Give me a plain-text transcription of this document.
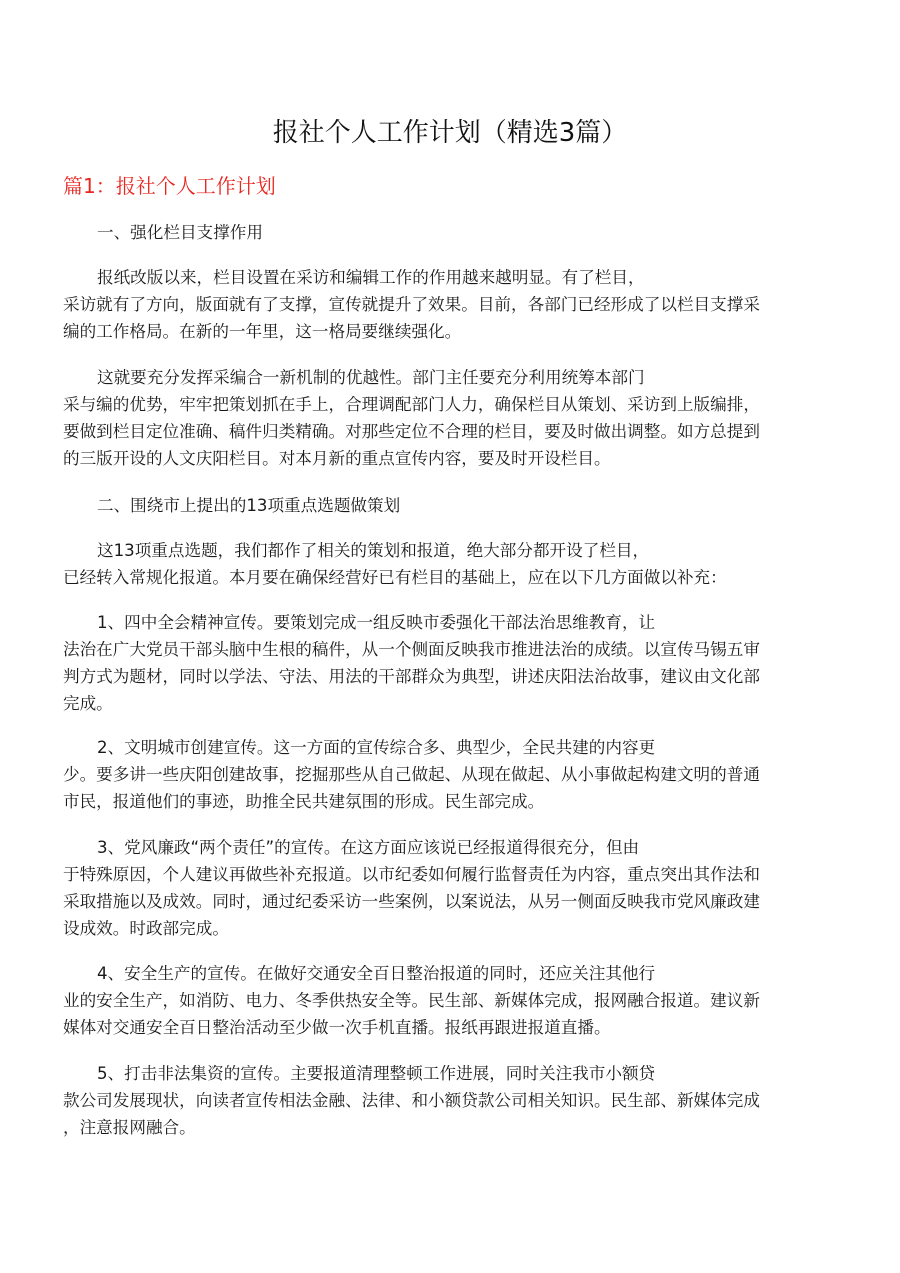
报社个人工作计划（精选3篇）
篇1：报社个人工作计划
一、强化栏目支撑作用
报纸改版以来，栏目设置在采访和编辑工作的作用越来越明显。有了栏目，
采访就有了方向，版面就有了支撑，宣传就提升了效果。目前，各部门已经形成了以栏目支撑采
编的工作格局。在新的一年里，这一格局要继续强化。
这就要充分发挥采编合一新机制的优越性。部门主任要充分利用统筹本部门
采与编的优势，牢牢把策划抓在手上，合理调配部门人力，确保栏目从策划、采访到上版编排，
要做到栏目定位准确、稿件归类精确。对那些定位不合理的栏目，要及时做出调整。如方总提到
的三版开设的人文庆阳栏目。对本月新的重点宣传内容，要及时开设栏目。
二、围绕市上提出的13项重点选题做策划
这13项重点选题，我们都作了相关的策划和报道，绝大部分都开设了栏目，
已经转入常规化报道。本月要在确保经营好已有栏目的基础上，应在以下几方面做以补充：
1、四中全会精神宣传。要策划完成一组反映市委强化干部法治思维教育，让
法治在广大党员干部头脑中生根的稿件，从一个侧面反映我市推进法治的成绩。以宣传马锡五审
判方式为题材，同时以学法、守法、用法的干部群众为典型，讲述庆阳法治故事，建议由文化部
完成。
2、文明城市创建宣传。这一方面的宣传综合多、典型少，全民共建的内容更
少。要多讲一些庆阳创建故事，挖掘那些从自己做起、从现在做起、从小事做起构建文明的普通
市民，报道他们的事迹，助推全民共建氛围的形成。民生部完成。
3、党风廉政“两个责任”的宣传。在这方面应该说已经报道得很充分，但由
于特殊原因，个人建议再做些补充报道。以市纪委如何履行监督责任为内容，重点突出其作法和
采取措施以及成效。同时，通过纪委采访一些案例，以案说法，从另一侧面反映我市党风廉政建
设成效。时政部完成。
4、安全生产的宣传。在做好交通安全百日整治报道的同时，还应关注其他行
业的安全生产，如消防、电力、冬季供热安全等。民生部、新媒体完成，报网融合报道。建议新
媒体对交通安全百日整治活动至少做一次手机直播。报纸再跟进报道直播。
5、打击非法集资的宣传。主要报道清理整顿工作进展，同时关注我市小额贷
款公司发展现状，向读者宣传相法金融、法律、和小额贷款公司相关知识。民生部、新媒体完成
，注意报网融合。
